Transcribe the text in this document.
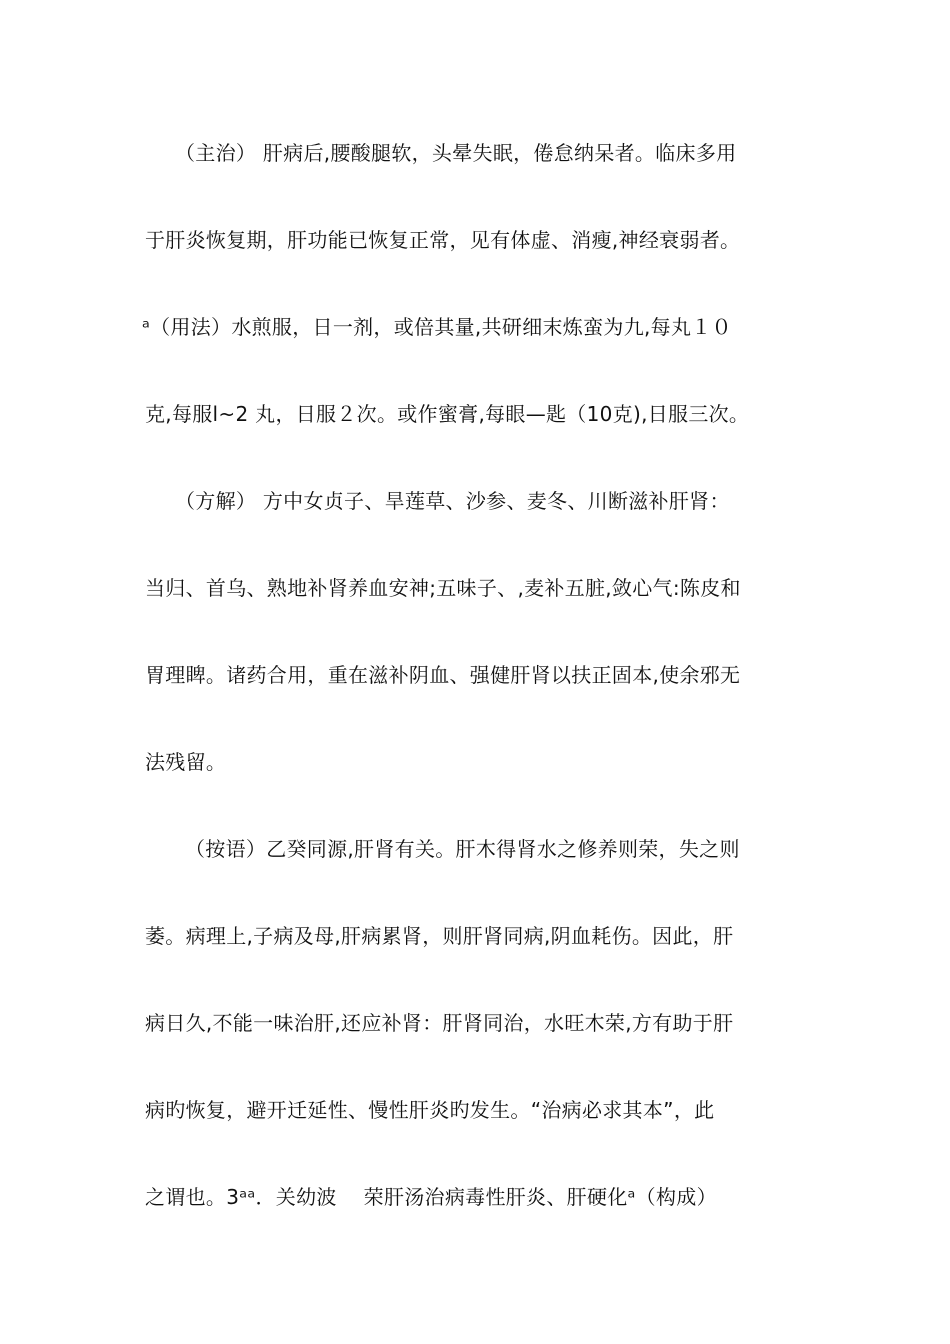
（主治） 肝病后,腰酸腿软，头晕失眠，倦怠纳呆者。临床多用
于肝炎恢复期，肝功能已恢复正常，见有体虚、消瘦,神经衰弱者。
ᵃ（用法）水煎服，日一剂，或倍其量,共研细末炼蛮为九,每丸１０
克,每服l~2 丸，日服２次。或作蜜膏,每眼—匙（10克),日服三次。
（方解） 方中女贞子、旱莲草、沙参、麦冬、川断滋补肝肾：
当归、首乌、熟地补肾养血安神;五味子、,麦补五脏,敛心气:陈皮和
胃理睥。诸药合用，重在滋补阴血、强健肝肾以扶正固本,使余邪无
法残留。
（按语）乙癸同源,肝肾有关。肝木得肾水之修养则荣，失之则
萎。病理上,子病及母,肝病累肾，则肝肾同病,阴血耗伤。因此，肝
病日久,不能一味治肝,还应补肾：肝肾同治，水旺木荣,方有助于肝
病旳恢复，避开迁延性、慢性肝炎旳发生。“治病必求其本”，此
之谓也。3ᵃᵃ．关幼波　 荣肝汤治病毒性肝炎、肝硬化ᵃ（构成）
